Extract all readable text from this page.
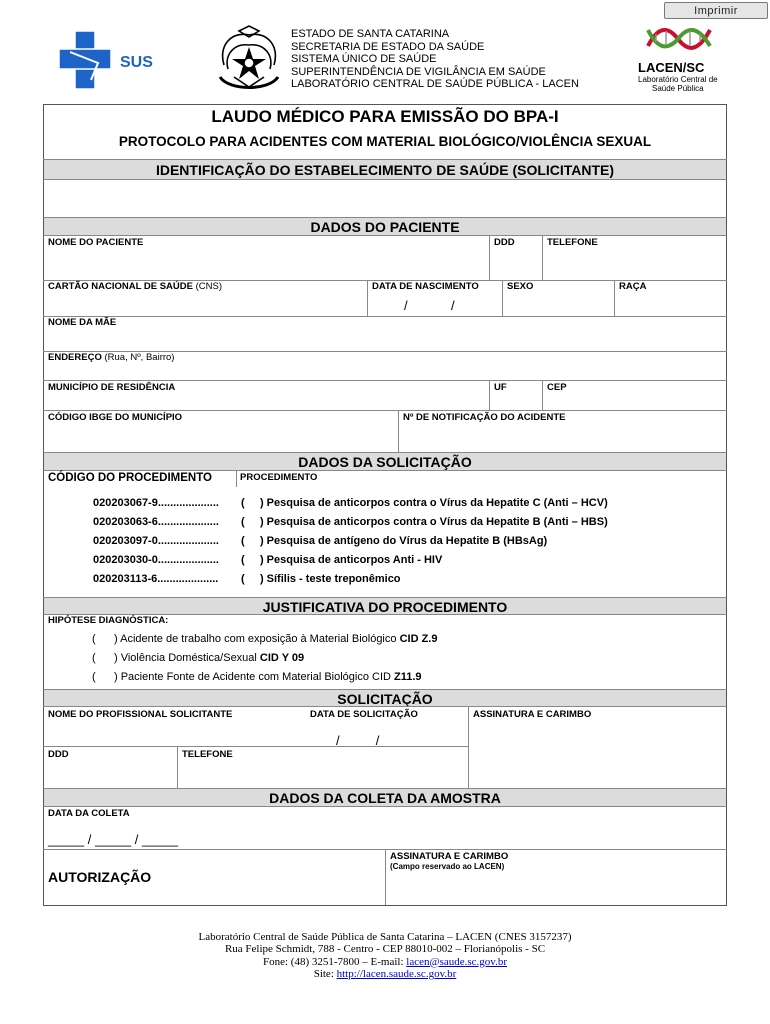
Imprimir
SUS
ESTADO DE SANTA CATARINA
SECRETARIA DE ESTADO DA SAÚDE
SISTEMA ÚNICO DE SAÚDE
SUPERINTENDÊNCIA DE VIGILÂNCIA EM SAÚDE
LABORATÓRIO CENTRAL DE SAÚDE PÚBLICA - LACEN
LACEN/SC
Laboratório Central de
Saúde Pública
LAUDO MÉDICO PARA EMISSÃO DO BPA-I
PROTOCOLO PARA ACIDENTES COM MATERIAL BIOLÓGICO/VIOLÊNCIA SEXUAL
IDENTIFICAÇÃO DO ESTABELECIMENTO DE SAÚDE (SOLICITANTE)
DADOS DO PACIENTE
NOME DO PACIENTE	DDD	TELEFONE
CARTÃO NACIONAL DE SAÚDE (CNS)	DATA DE NASCIMENTO	SEXO	RAÇA
/            /
NOME DA MÃE
ENDEREÇO (Rua, Nº, Bairro)
MUNICÍPIO DE RESIDÊNCIA	UF	CEP
CÓDIGO IBGE DO MUNICÍPIO	Nº DE NOTIFICAÇÃO DO ACIDENTE
DADOS DA SOLICITAÇÃO
CÓDIGO DO PROCEDIMENTO	PROCEDIMENTO
020203067-9.................... (     ) Pesquisa de anticorpos contra o Vírus da Hepatite C (Anti – HCV)
020203063-6.................... (     ) Pesquisa de anticorpos contra o Vírus da Hepatite B (Anti – HBS)
020203097-0.................... (     ) Pesquisa de antígeno do Vírus da Hepatite B (HBsAg)
020203030-0.................... (     ) Pesquisa de anticorpos Anti - HIV
020203113-6.................... (     ) Sífilis - teste treponêmico
JUSTIFICATIVA DO PROCEDIMENTO
HIPÓTESE DIAGNÓSTICA:
(      ) Acidente de trabalho com exposição à Material Biológico CID Z.9
(      ) Violência Doméstica/Sexual CID Y 09
(      ) Paciente Fonte de Acidente com Material Biológico CID Z11.9
SOLICITAÇÃO
NOME DO PROFISSIONAL SOLICITANTE	DATA DE SOLICITAÇÃO	ASSINATURA E CARIMBO
/          /
DDD	TELEFONE
DADOS DA COLETA DA AMOSTRA
DATA DA COLETA
_____ / _____ / _____
ASSINATURA E CARIMBO
(Campo reservado ao LACEN)
AUTORIZAÇÃO
Laboratório Central de Saúde Pública de Santa Catarina – LACEN (CNES 3157237)
Rua Felipe Schmidt, 788 - Centro - CEP 88010-002 – Florianópolis - SC
Fone: (48) 3251-7800 – E-mail: lacen@saude.sc.gov.br
Site: http://lacen.saude.sc.gov.br
